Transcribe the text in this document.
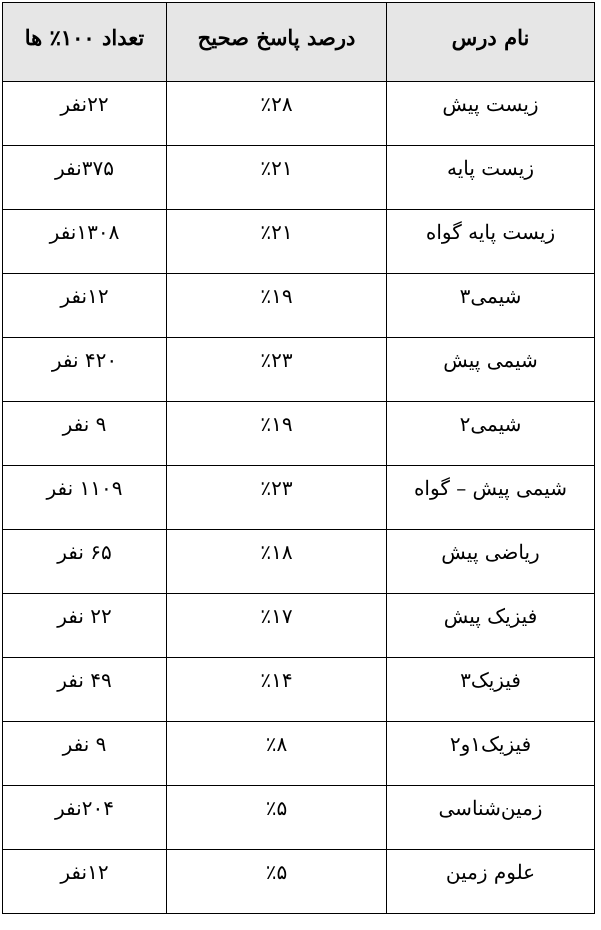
نام درس	درصد پاسخ صحیح	تعداد ۱۰۰٪ ها
زیست پیش	٪۲۸	۲۲نفر
زیست پایه	٪۲۱	۳۷۵نفر
زیست پایه گواه	٪۲۱	۱۳۰۸نفر
شیمی۳	٪۱۹	۱۲نفر
شیمی پیش	٪۲۳	۴۲۰ نفر
شیمی۲	٪۱۹	۹ نفر
شیمی پیش – گواه	٪۲۳	۱۱۰۹ نفر
ریاضی پیش	٪۱۸	۶۵ نفر
فیزیک پیش	٪۱۷	۲۲ نفر
فیزیک۳	٪۱۴	۴۹ نفر
فیزیک۱و۲	٪۸	۹ نفر
زمین‌شناسی	٪۵	۲۰۴نفر
علوم زمین	٪۵	۱۲نفر
